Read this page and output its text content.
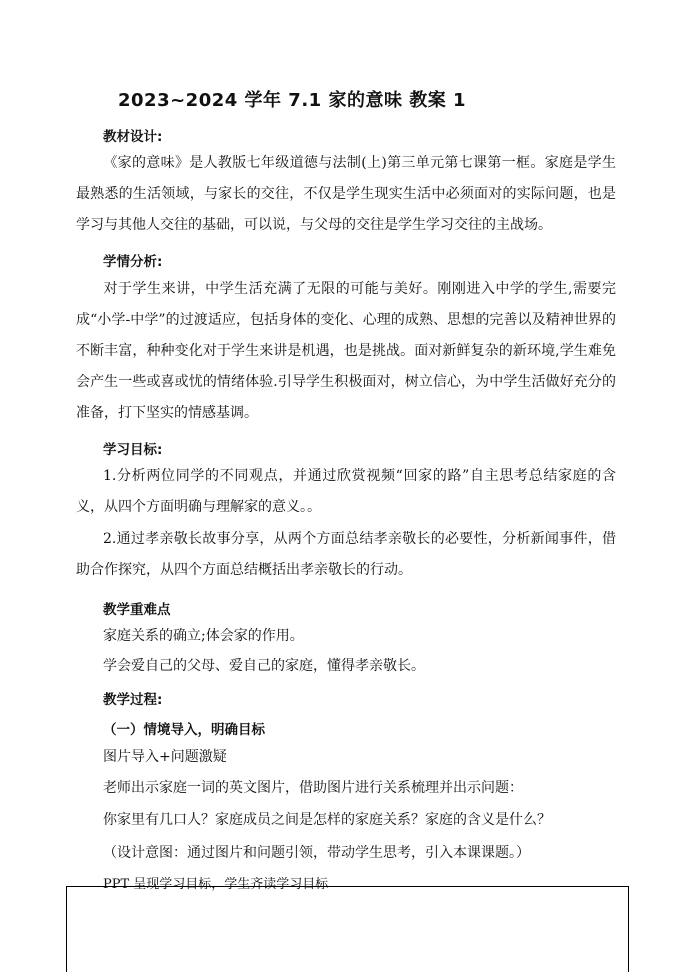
2023~2024 学年 7.1 家的意味 教案 1
教材设计:
《家的意味》是人教版七年级道德与法制(上)第三单元第七课第一框。家庭是学生最熟悉的生活领域，与家长的交往，不仅是学生现实生活中必须面对的实际问题，也是学习与其他人交往的基础，可以说，与父母的交往是学生学习交往的主战场。
学情分析:
对于学生来讲，中学生活充满了无限的可能与美好。刚刚进入中学的学生,需要完成“小学-中学”的过渡适应，包括身体的变化、心理的成熟、思想的完善以及精神世界的不断丰富，种种变化对于学生来讲是机遇，也是挑战。面对新鲜复杂的新环境,学生难免会产生一些或喜或忧的情绪体验.引导学生积极面对，树立信心，为中学生活做好充分的准备，打下坚实的情感基调。
学习目标:
1.分析两位同学的不同观点，并通过欣赏视频“回家的路”自主思考总结家庭的含义，从四个方面明确与理解家的意义。。
2.通过孝亲敬长故事分享，从两个方面总结孝亲敬长的必要性，分析新闻事件，借助合作探究，从四个方面总结概括出孝亲敬长的行动。
教学重难点
家庭关系的确立;体会家的作用。
学会爱自己的父母、爱自己的家庭，懂得孝亲敬长。
教学过程:
（一）情境导入，明确目标
图片导入+问题激疑
老师出示家庭一词的英文图片，借助图片进行关系梳理并出示问题：
你家里有几口人？家庭成员之间是怎样的家庭关系？家庭的含义是什么？
（设计意图：通过图片和问题引领，带动学生思考，引入本课课题。）
PPT 呈现学习目标，学生齐读学习目标
